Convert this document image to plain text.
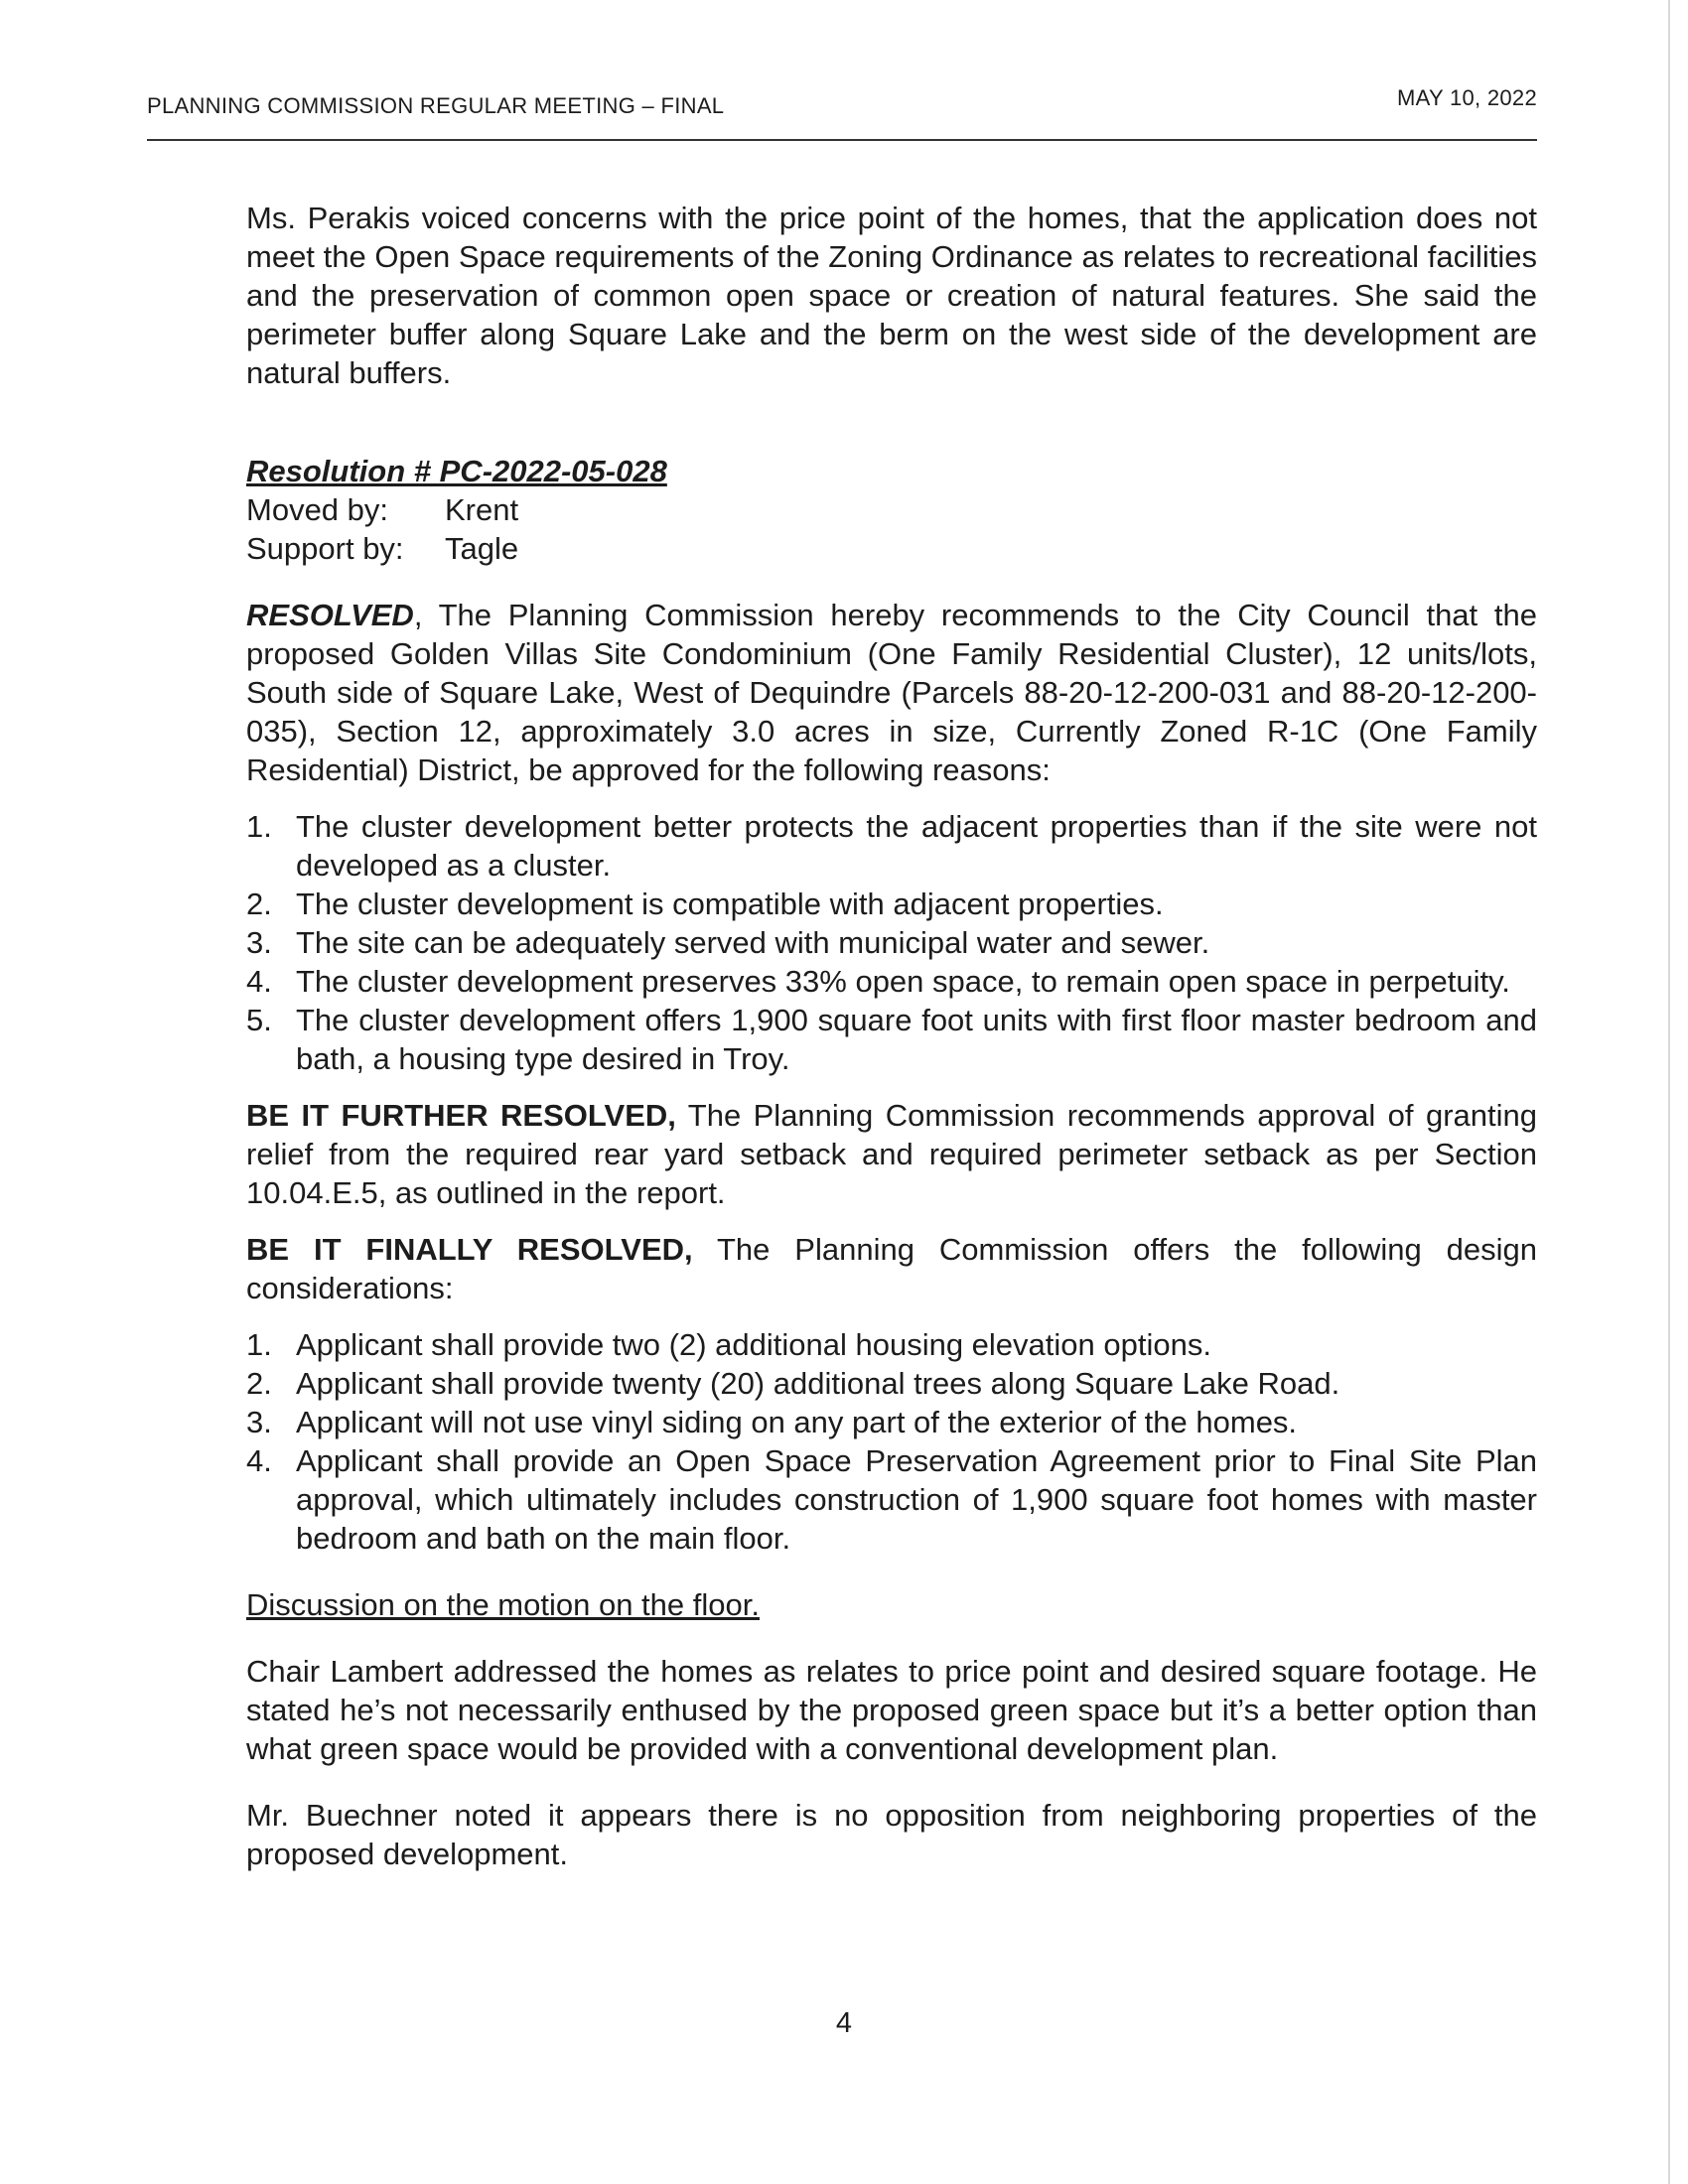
PLANNING COMMISSION REGULAR MEETING – FINAL	MAY 10, 2022

Ms. Perakis voiced concerns with the price point of the homes, that the application does not meet the Open Space requirements of the Zoning Ordinance as relates to recreational facilities and the preservation of common open space or creation of natural features. She said the perimeter buffer along Square Lake and the berm on the west side of the development are natural buffers.

Resolution # PC-2022-05-028
Moved by:	Krent
Support by:	Tagle

RESOLVED, The Planning Commission hereby recommends to the City Council that the proposed Golden Villas Site Condominium (One Family Residential Cluster), 12 units/lots, South side of Square Lake, West of Dequindre (Parcels 88-20-12-200-031 and 88-20-12-200-035), Section 12, approximately 3.0 acres in size, Currently Zoned R-1C (One Family Residential) District, be approved for the following reasons:

1. The cluster development better protects the adjacent properties than if the site were not developed as a cluster.
2. The cluster development is compatible with adjacent properties.
3. The site can be adequately served with municipal water and sewer.
4. The cluster development preserves 33% open space, to remain open space in perpetuity.
5. The cluster development offers 1,900 square foot units with first floor master bedroom and bath, a housing type desired in Troy.

BE IT FURTHER RESOLVED, The Planning Commission recommends approval of granting relief from the required rear yard setback and required perimeter setback as per Section 10.04.E.5, as outlined in the report.

BE IT FINALLY RESOLVED, The Planning Commission offers the following design considerations:

1. Applicant shall provide two (2) additional housing elevation options.
2. Applicant shall provide twenty (20) additional trees along Square Lake Road.
3. Applicant will not use vinyl siding on any part of the exterior of the homes.
4. Applicant shall provide an Open Space Preservation Agreement prior to Final Site Plan approval, which ultimately includes construction of 1,900 square foot homes with master bedroom and bath on the main floor.
Discussion on the motion on the floor.

Chair Lambert addressed the homes as relates to price point and desired square footage. He stated he’s not necessarily enthused by the proposed green space but it’s a better option than what green space would be provided with a conventional development plan.

Mr. Buechner noted it appears there is no opposition from neighboring properties of the proposed development.

4
